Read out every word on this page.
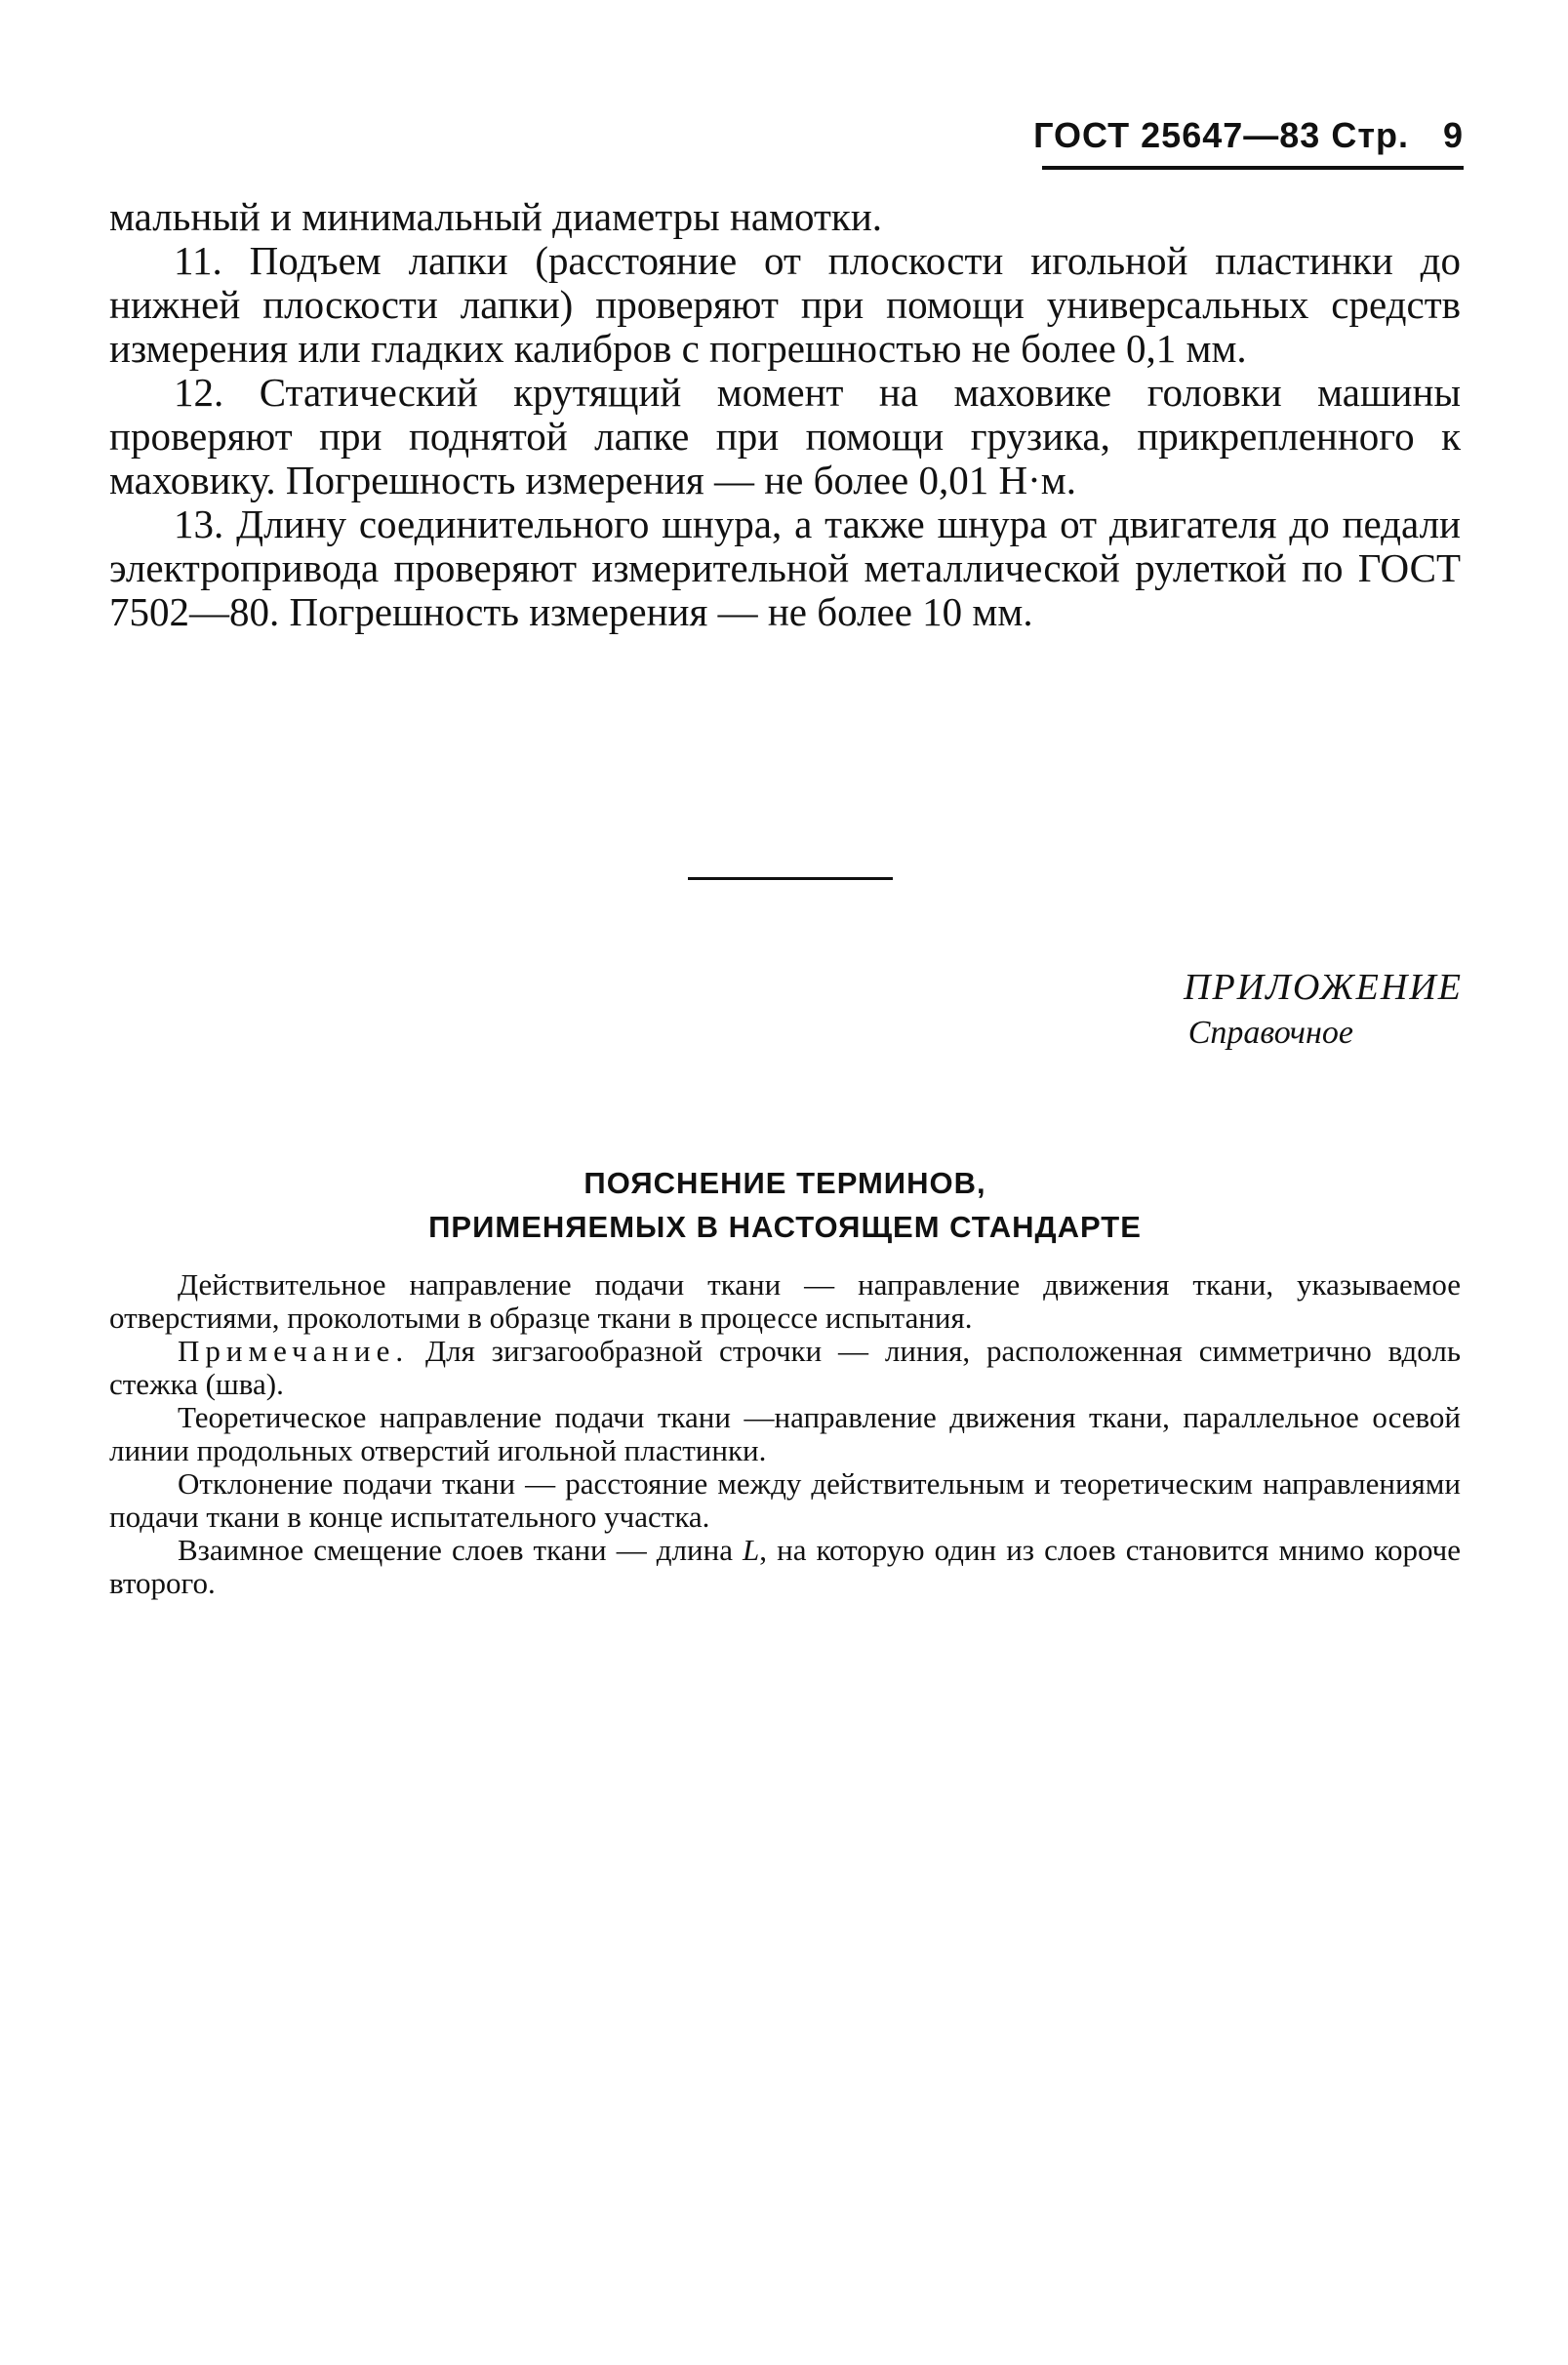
ГОСТ 25647—83 Стр. 9

мальный и минимальный диаметры намотки.

11. Подъем лапки (расстояние от плоскости игольной пластинки до нижней плоскости лапки) проверяют при помощи универсальных средств измерения или гладких калибров с погрешностью не более 0,1 мм.

12. Статический крутящий момент на маховике головки машины проверяют при поднятой лапке при помощи грузика, прикрепленного к маховику. Погрешность измерения — не более 0,01 Н·м.

13. Длину соединительного шнура, а также шнура от двигателя до педали электропривода проверяют измерительной металлической рулеткой по ГОСТ 7502—80. Погрешность измерения — не более 10 мм.

ПРИЛОЖЕНИЕ
Справочное
ПОЯСНЕНИЕ ТЕРМИНОВ,
ПРИМЕНЯЕМЫХ В НАСТОЯЩЕМ СТАНДАРТЕ

Действительное направление подачи ткани — направление движения ткани, указываемое отверстиями, проколотыми в образце ткани в процессе испытания.

Примечание. Для зигзагообразной строчки — линия, расположенная симметрично вдоль стежка (шва).

Теоретическое направление подачи ткани —направление движения ткани, параллельное осевой линии продольных отверстий игольной пластинки.

Отклонение подачи ткани — расстояние между действительным и теоретическим направлениями подачи ткани в конце испытательного участка.

Взаимное смещение слоев ткани — длина L, на которую один из слоев становится мнимо короче второго.
